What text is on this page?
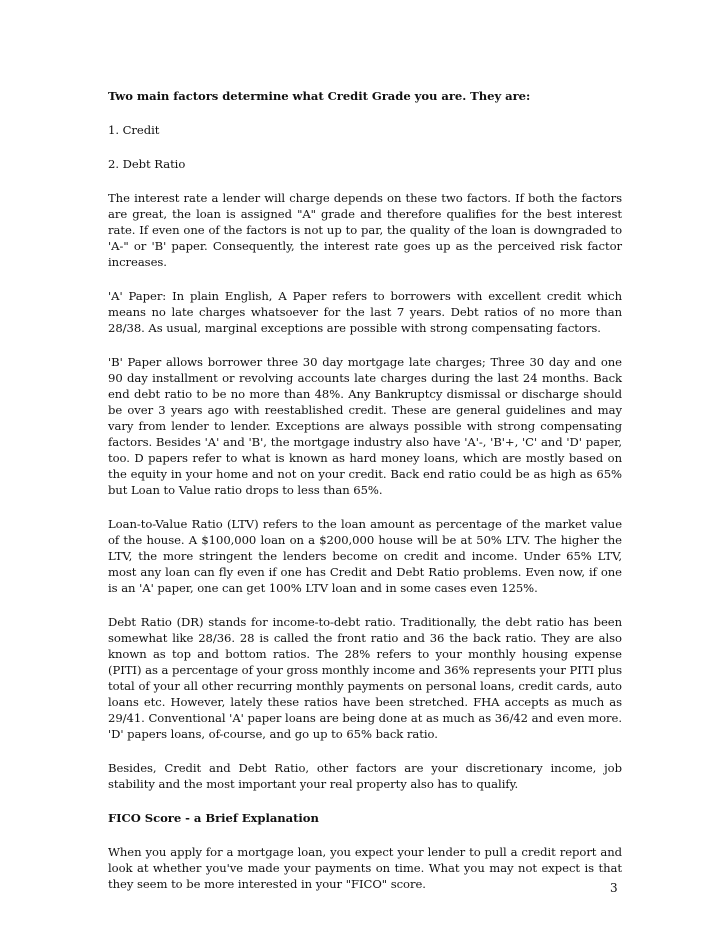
Two main factors determine what Credit Grade you are. They are:

1. Credit

2. Debt Ratio

The interest rate a lender will charge depends on these two factors. If both the factors are great, the loan is assigned "A" grade and therefore qualifies for the best interest rate. If even one of the factors is not up to par, the quality of the loan is downgraded to 'A-" or 'B' paper. Consequently, the interest rate goes up as the perceived risk factor increases.

'A' Paper: In plain English, A Paper refers to borrowers with excellent credit which means no late charges whatsoever for the last 7 years. Debt ratios of no more than 28/38. As usual, marginal exceptions are possible with strong compensating factors.

'B' Paper allows borrower three 30 day mortgage late charges; Three 30 day and one 90 day installment or revolving accounts late charges during the last 24 months. Back end debt ratio to be no more than 48%. Any Bankruptcy dismissal or discharge should be over 3 years ago with reestablished credit. These are general guidelines and may vary from lender to lender. Exceptions are always possible with strong compensating factors. Besides 'A' and 'B', the mortgage industry also have 'A'-, 'B'+, 'C' and 'D' paper, too. D papers refer to what is known as hard money loans, which are mostly based on the equity in your home and not on your credit. Back end ratio could be as high as 65% but Loan to Value ratio drops to less than 65%.

Loan-to-Value Ratio (LTV) refers to the loan amount as percentage of the market value of the house. A $100,000 loan on a $200,000 house will be at 50% LTV. The higher the LTV, the more stringent the lenders become on credit and income. Under 65% LTV, most any loan can fly even if one has Credit and Debt Ratio problems. Even now, if one is an 'A' paper, one can get 100% LTV loan and in some cases even 125%.

Debt Ratio (DR) stands for income-to-debt ratio. Traditionally, the debt ratio has been somewhat like 28/36. 28 is called the front ratio and 36 the back ratio. They are also known as top and bottom ratios. The 28% refers to your monthly housing expense (PITI) as a percentage of your gross monthly income and 36% represents your PITI plus total of your all other recurring monthly payments on personal loans, credit cards, auto loans etc. However, lately these ratios have been stretched. FHA accepts as much as 29/41. Conventional 'A' paper loans are being done at as much as 36/42 and even more. 'D' papers loans, of-course, and go up to 65% back ratio.

Besides, Credit and Debt Ratio, other factors are your discretionary income, job stability and the most important your real property also has to qualify.

FICO Score - a Brief Explanation

When you apply for a mortgage loan, you expect your lender to pull a credit report and look at whether you've made your payments on time. What you may not expect is that they seem to be more interested in your "FICO" score.	3
